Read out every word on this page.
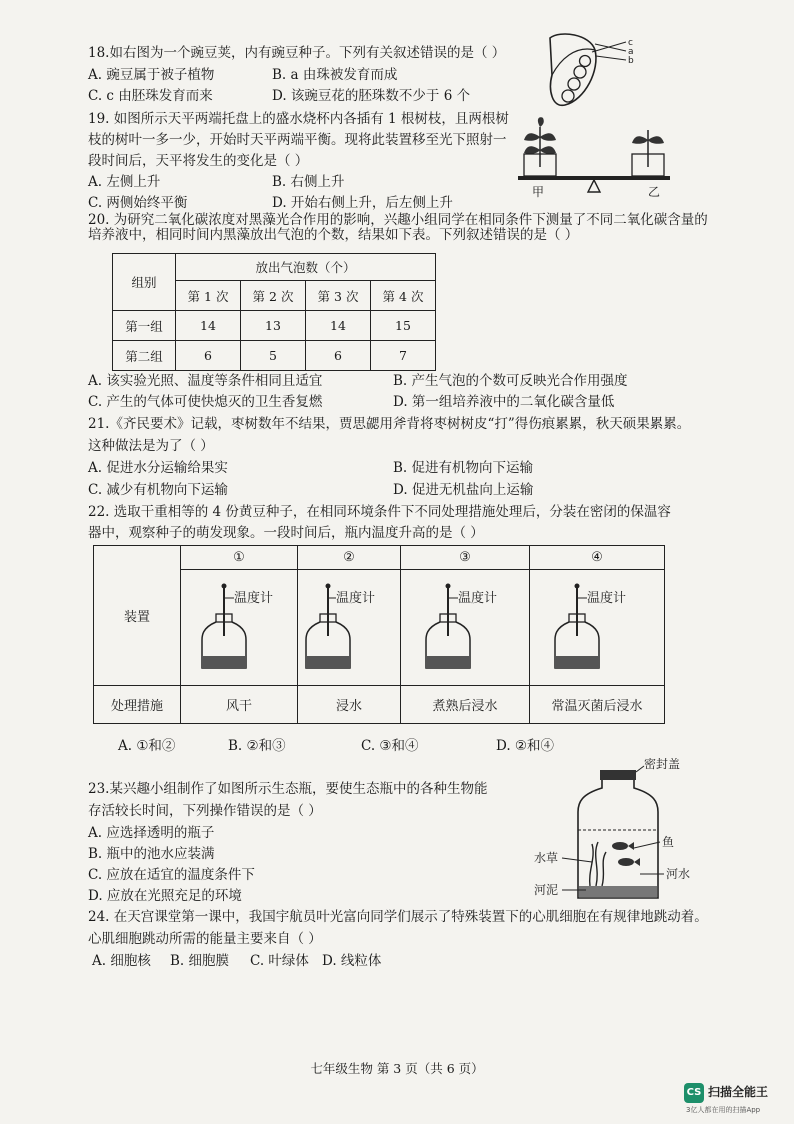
18.如右图为一个豌豆荚，内有豌豆种子。下列有关叙述错误的是（ ）
A. 豌豆属于被子植物	B. a 由珠被发育而成
C. c 由胚珠发育而来	D. 该豌豆花的胚珠数不少于 6 个
c
a
b
19. 如图所示天平两端托盘上的盛水烧杯内各插有 1 根树枝，且两根树
枝的树叶一多一少，开始时天平两端平衡。现将此装置移至光下照射一
段时间后，天平将发生的变化是（ ）
A. 左侧上升	B. 右侧上升
C. 两侧始终平衡	D. 开始右侧上升，后左侧上升
甲	乙
20. 为研究二氧化碳浓度对黑藻光合作用的影响，兴趣小组同学在相同条件下测量了不同二氧化碳含量的
培养液中，相同时间内黑藻放出气泡的个数，结果如下表。下列叙述错误的是（ ）
组别	放出气泡数（个）			
	第 1 次	第 2 次	第 3 次	第 4 次
第一组	14	13	14	15
第二组	6	5	6	7
A. 该实验光照、温度等条件相同且适宜	B. 产生气泡的个数可反映光合作用强度
C. 产生的气体可使快熄灭的卫生香复燃	D. 第一组培养液中的二氧化碳含量低
21.《齐民要术》记载，枣树数年不结果，贾思勰用斧背将枣树树皮“打”得伤痕累累，秋天硕果累累。
这种做法是为了（ ）
A. 促进水分运输给果实	B. 促进有机物向下运输
C. 减少有机物向下运输	D. 促进无机盐向上运输
22. 选取干重相等的 4 份黄豆种子，在相同环境条件下不同处理措施处理后，分装在密闭的保温容
器中，观察种子的萌发现象。一段时间后，瓶内温度升高的是（ ）
装置	①	②	③	④

温度计	温度计	温度计	温度计

处理措施	风干	浸水	煮熟后浸水	常温灭菌后浸水
A. ①和②	B. ②和③	C. ③和④	D. ②和④
23.某兴趣小组制作了如图所示生态瓶，要使生态瓶中的各种生物能
存活较长时间，下列操作错误的是（ ）
A. 应选择透明的瓶子
B. 瓶中的池水应装满
C. 应放在适宜的温度条件下
D. 应放在光照充足的环境
密封盖
鱼
水草
河水
河泥
24. 在天宫课堂第一课中，我国宇航员叶光富向同学们展示了特殊装置下的心肌细胞在有规律地跳动着。
心肌细胞跳动所需的能量主要来自（ ）
A. 细胞核 B. 细胞膜 C. 叶绿体 D. 线粒体
七年级生物 第 3 页（共 6 页）
CS 扫描全能王
3亿人都在用的扫描App
